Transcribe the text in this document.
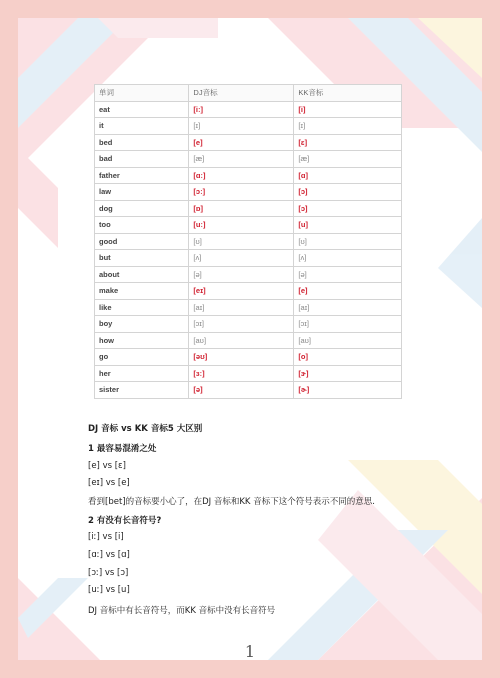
单词	DJ音标	KK音标
eat	[iː]	[i]
it	[ɪ]	[ɪ]
bed	[e]	[ɛ]
bad	[æ]	[æ]
father	[ɑː]	[ɑ]
law	[ɔː]	[ɔ]
dog	[ɒ]	[ɔ]
too	[uː]	[u]
good	[ʊ]	[ʊ]
but	[ʌ]	[ʌ]
about	[ə]	[ə]
make	[eɪ]	[e]
like	[aɪ]	[aɪ]
boy	[ɔɪ]	[ɔɪ]
how	[aʊ]	[aʊ]
go	[əʊ]	[o]
her	[ɜː]	[ɝ]
sister	[ə]	[ɚ]
DJ 音标 vs KK 音标5 大区别
1 最容易混淆之处
[e] vs [ɛ]
[eɪ] vs [e]
看到[bet]的音标要小心了，在DJ 音标和KK 音标下这个符号表示不同的意思.
2 有没有长音符号?
[iː] vs [i]
[ɑː] vs [ɑ]
[ɔː] vs [ɔ]
[uː] vs [u]
DJ 音标中有长音符号，而KK 音标中没有长音符号
1
